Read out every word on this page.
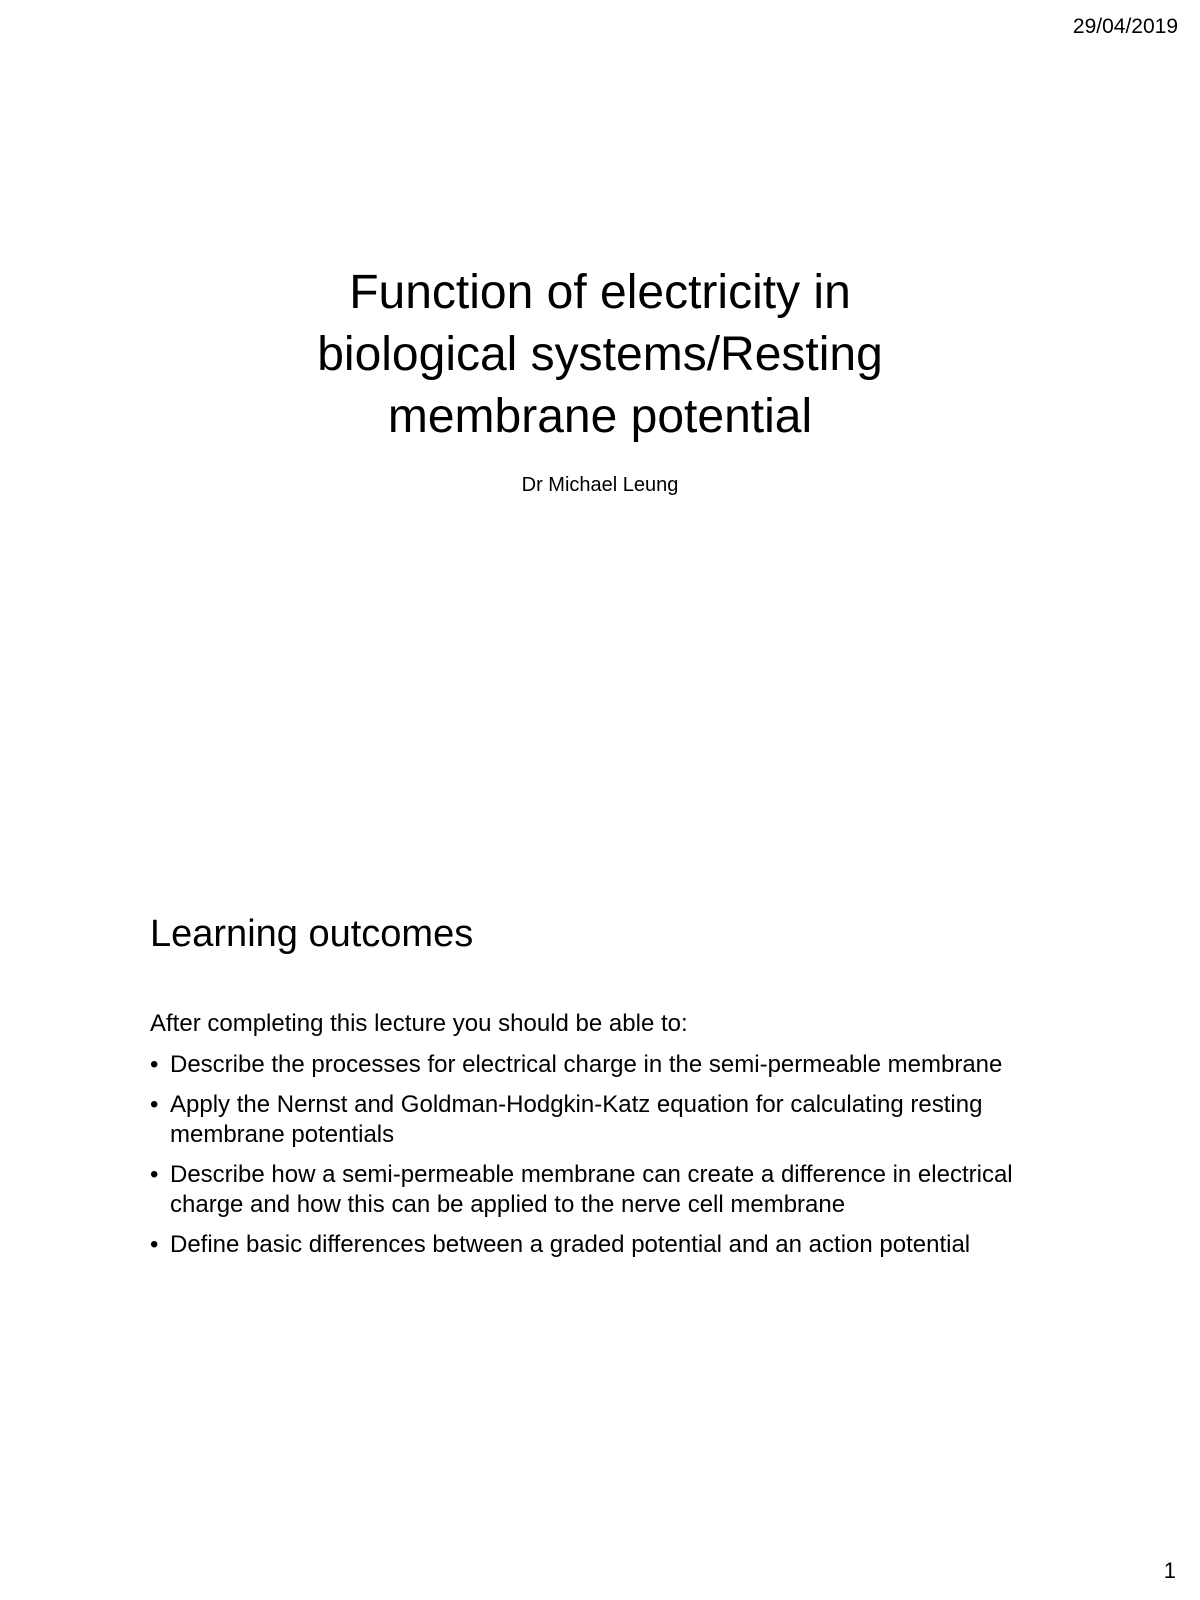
29/04/2019
Function of electricity in
biological systems/Resting
membrane potential
Dr Michael Leung
Learning outcomes
After completing this lecture you should be able to:
• Describe the processes for electrical charge in the semi-permeable membrane
• Apply the Nernst and Goldman-Hodgkin-Katz equation for calculating resting membrane potentials
• Describe how a semi-permeable membrane can create a difference in electrical charge and how this can be applied to the nerve cell membrane
• Define basic differences between a graded potential and an action potential
1
